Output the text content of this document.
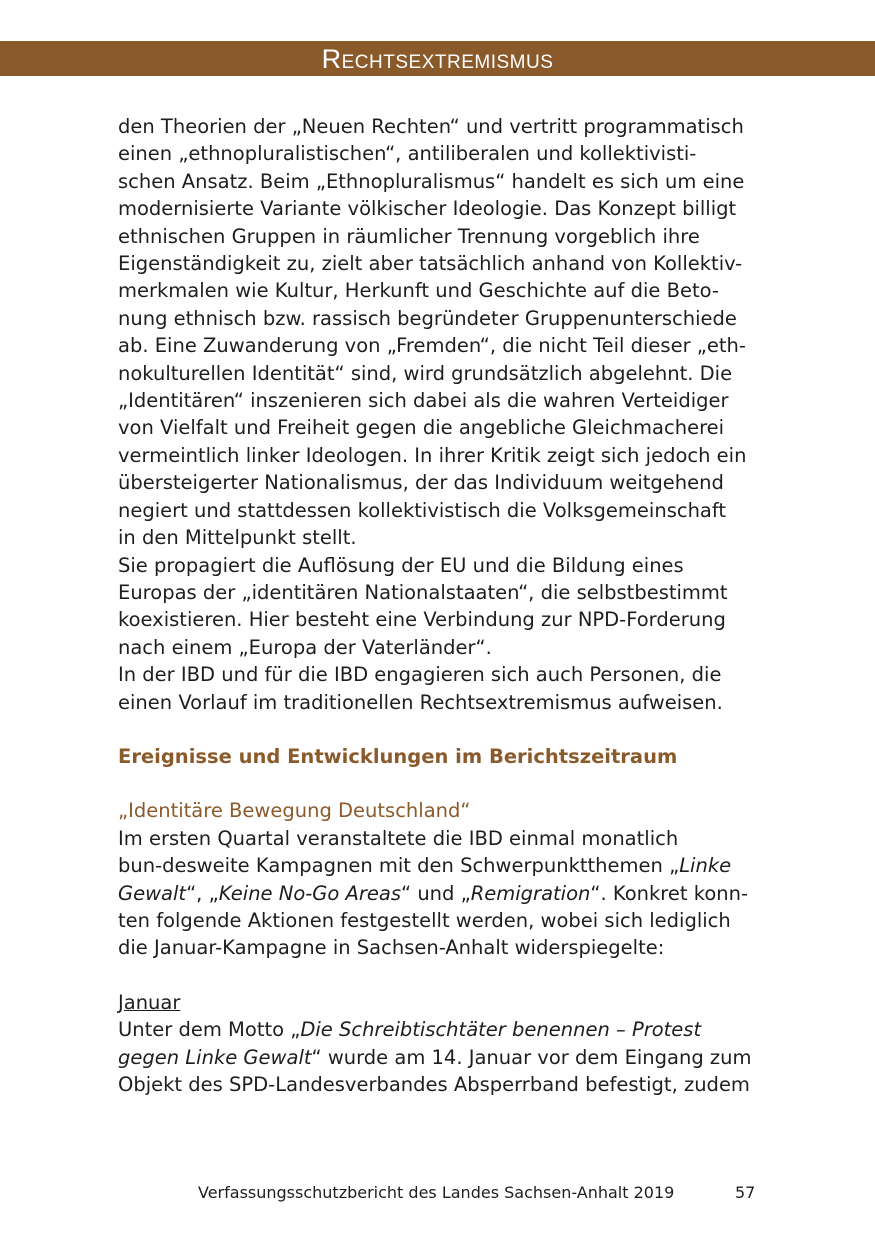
Rechtsextremismus

den Theorien der „Neuen Rechten“ und vertritt programmatisch
einen „ethnopluralistischen“, antiliberalen und kollektivisti-
schen Ansatz. Beim „Ethnopluralismus“ handelt es sich um eine
modernisierte Variante völkischer Ideologie. Das Konzept billigt
ethnischen Gruppen in räumlicher Trennung vorgeblich ihre
Eigenständigkeit zu, zielt aber tatsächlich anhand von Kollektiv-
merkmalen wie Kultur, Herkunft und Geschichte auf die Beto-
nung ethnisch bzw. rassisch begründeter Gruppenunterschiede
ab. Eine Zuwanderung von „Fremden“, die nicht Teil dieser „eth-
nokulturellen Identität“ sind, wird grundsätzlich abgelehnt. Die
„Identitären“ inszenieren sich dabei als die wahren Verteidiger
von Vielfalt und Freiheit gegen die angebliche Gleichmacherei
vermeintlich linker Ideologen. In ihrer Kritik zeigt sich jedoch ein
übersteigerter Nationalismus, der das Individuum weitgehend
negiert und stattdessen kollektivistisch die Volksgemeinschaft
in den Mittelpunkt stellt.

Sie propagiert die Auflösung der EU und die Bildung eines
Europas der „identitären Nationalstaaten“, die selbstbestimmt
koexistieren. Hier besteht eine Verbindung zur NPD-Forderung
nach einem „Europa der Vaterländer“.

In der IBD und für die IBD engagieren sich auch Personen, die
einen Vorlauf im traditionellen Rechtsextremismus aufweisen.

Ereignisse und Entwicklungen im Berichtszeitraum

„Identitäre Bewegung Deutschland“

Im ersten Quartal veranstaltete die IBD einmal monatlich
bun-desweite Kampagnen mit den Schwerpunktthemen „Linke
Gewalt“, „Keine No-Go Areas“ und „Remigration“. Konkret konn-
ten folgende Aktionen festgestellt werden, wobei sich lediglich
die Januar-Kampagne in Sachsen-Anhalt widerspiegelte:

Januar

Unter dem Motto „Die Schreibtischtäter benennen – Protest
gegen Linke Gewalt“ wurde am 14. Januar vor dem Eingang zum
Objekt des SPD-Landesverbandes Absperrband befestigt, zudem

Verfassungsschutzbericht des Landes Sachsen-Anhalt 2019	57
